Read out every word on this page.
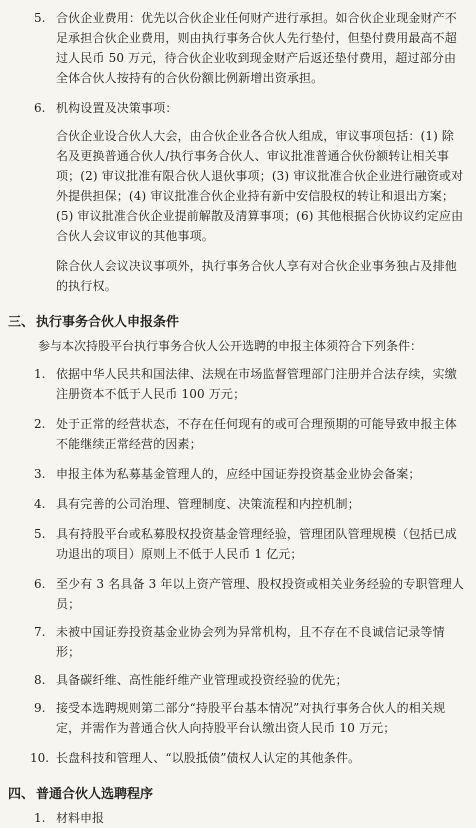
5. 合伙企业费用：优先以合伙企业任何财产进行承担。如合伙企业现金财产不足承担合伙企业费用，则由执行事务合伙人先行垫付，但垫付费用最高不超过人民币 50 万元，待合伙企业收到现金财产后返还垫付费用，超过部分由全体合伙人按持有的合伙份额比例新增出资承担。
6. 机构设置及决策事项：
合伙企业设合伙人大会，由合伙企业各合伙人组成，审议事项包括：(1) 除名及更换普通合伙人/执行事务合伙人、审议批准普通合伙份额转让相关事项；(2) 审议批准有限合伙人退伙事项；(3) 审议批准合伙企业进行融资或对外提供担保；(4) 审议批准合伙企业持有新中安信股权的转让和退出方案；(5) 审议批准合伙企业提前解散及清算事项；(6) 其他根据合伙协议约定应由合伙人会议审议的其他事项。
除合伙人会议决议事项外，执行事务合伙人享有对合伙企业事务独占及排他的执行权。
三、 执行事务合伙人申报条件
参与本次持股平台执行事务合伙人公开选聘的申报主体须符合下列条件：
1. 依据中华人民共和国法律、法规在市场监督管理部门注册并合法存续，实缴注册资本不低于人民币 100 万元；
2. 处于正常的经营状态，不存在任何现有的或可合理预期的可能导致申报主体不能继续正常经营的因素；
3. 申报主体为私募基金管理人的，应经中国证券投资基金业协会备案；
4. 具有完善的公司治理、管理制度、决策流程和内控机制；
5. 具有持股平台或私募股权投资基金管理经验，管理团队管理规模（包括已成功退出的项目）原则上不低于人民币 1 亿元；
6. 至少有 3 名具备 3 年以上资产管理、股权投资或相关业务经验的专职管理人员；
7. 未被中国证券投资基金业协会列为异常机构，且不存在不良诚信记录等情形；
8. 具备碳纤维、高性能纤维产业管理或投资经验的优先；
9. 接受本选聘规则第二部分“持股平台基本情况”对执行事务合伙人的相关规定，并需作为普通合伙人向持股平台认缴出资人民币 10 万元；
10. 长盘科技和管理人、“以股抵债”债权人认定的其他条件。
四、 普通合伙人选聘程序
1. 材料申报
